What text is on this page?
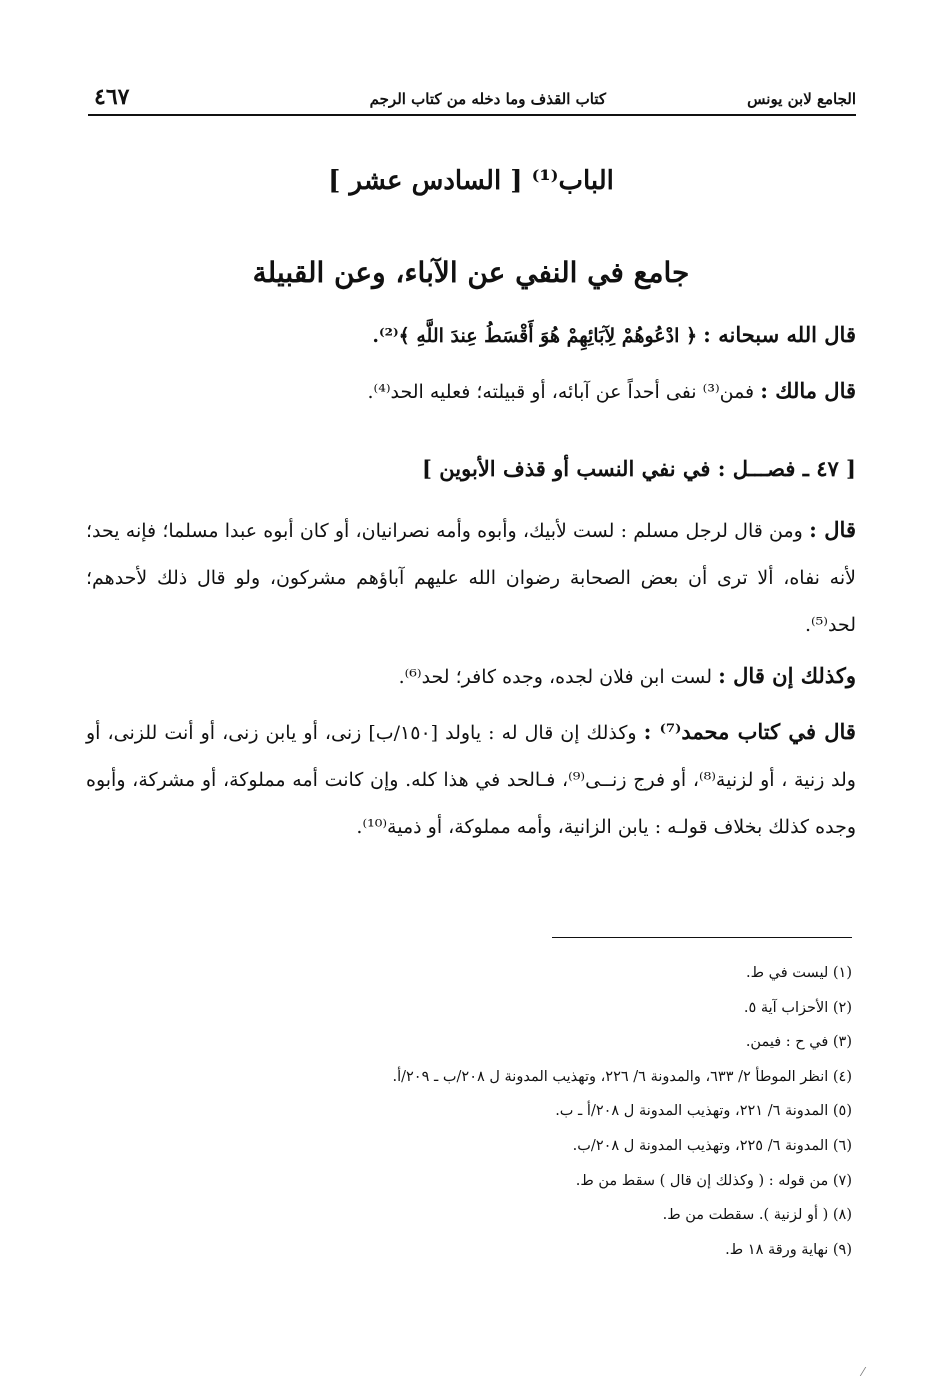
الجامع لابن يونس
كتاب القذف وما دخله من كتاب الرجم
٤٦٧
الباب⁽¹⁾ [ السادس عشر ]
جامع في النفي عن الآباء، وعن القبيلة

قال الله سبحانه : ﴿ ادْعُوهُمْ لِآبَائِهِمْ هُوَ أَقْسَطُ عِندَ اللَّهِ ﴾⁽²⁾.

قال مالك : فمن⁽³⁾ نفى أحداً عن آبائه، أو قبيلته؛ فعليه الحد⁽⁴⁾.

[ ٤٧ ـ فصـــل : في نفي النسب أو قذف الأبوين ]

قال : ومن قال لرجل مسلم : لست لأبيك، وأبوه وأمه نصرانيان، أو كان أبوه عبدا مسلما؛ فإنه يحد؛ لأنه نفاه، ألا ترى أن بعض الصحابة رضوان الله عليهم آباؤهم مشركون، ولو قال ذلك لأحدهم؛ لحد⁽⁵⁾.

وكذلك إن قال : لست ابن فلان لجده، وجده كافر؛ لحد⁽⁶⁾.

قال في كتاب محمد⁽⁷⁾ : وكذلك إن قال له : ياولد [١٥٠/ب] زنى، أو يابن زنى، أو أنت للزنى، أو ولد زنية ، أو لزنية⁽⁸⁾، أو فرج زنــى⁽⁹⁾، فـالحد في هذا كله. وإن كانت أمه مملوكة، أو مشركة، وأبوه وجده كذلك بخلاف قولـه : يابن الزانية، وأمه مملوكة، أو ذمية⁽¹⁰⁾.

(١) ليست في ط.
(٢) الأحزاب آية ٥.
(٣) في ح : فيمن.
(٤) انظر الموطأ ٢/ ٦٣٣، والمدونة ٦/ ٢٢٦، وتهذيب المدونة ل ٢٠٨/ب ـ ٢٠٩/أ.
(٥) المدونة ٦/ ٢٢١، وتهذيب المدونة ل ٢٠٨/أ ـ ب.
(٦) المدونة ٦/ ٢٢٥، وتهذيب المدونة ل ٢٠٨/ب.
(٧) من قوله : ( وكذلك إن قال ) سقط من ط.
(٨) ( أو لزنية ). سقطت من ط.
(٩) نهاية ورقة ١٨ ط.
⁄
